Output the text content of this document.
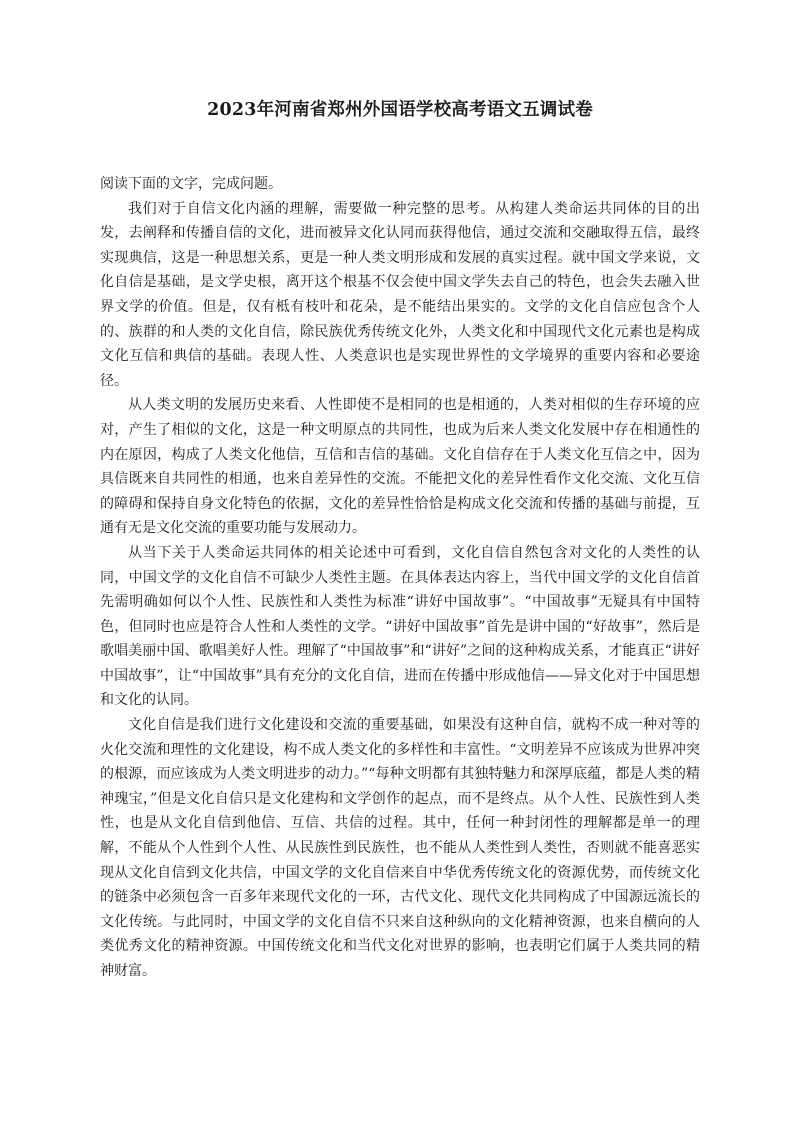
2023年河南省郑州外国语学校高考语文五调试卷

阅读下面的文字，完成问题。

我们对于自信文化内涵的理解，需要做一种完整的思考。从构建人类命运共同体的目的出发，去阐释和传播自信的文化，进而被异文化认同而获得他信，通过交流和交融取得五信，最终实现典信，这是一种思想关系，更是一种人类文明形成和发展的真实过程。就中国文学来说，文化自信是基础，是文学史根，离开这个根基不仅会使中国文学失去自己的特色，也会失去融入世界文学的价值。但是，仅有柢有枝叶和花朵，是不能结出果实的。文学的文化自信应包含个人的、族群的和人类的文化自信，除民族优秀传统文化外，人类文化和中国现代文化元素也是构成文化互信和典信的基础。表现人性、人类意识也是实现世界性的文学境界的重要内容和必要途径。

从人类文明的发展历史来看、人性即使不是相同的也是相通的，人类对相似的生存环境的应对，产生了相似的文化，这是一种文明原点的共同性，也成为后来人类文化发展中存在相通性的内在原因，构成了人类文化他信，互信和吉信的基础。文化自信存在于人类文化互信之中，因为具信既来自共同性的相通，也来自差异性的交流。不能把文化的差异性看作文化交流、文化互信的障碍和保持自身文化特色的依据，文化的差异性恰恰是构成文化交流和传播的基础与前提，互通有无是文化交流的重要功能与发展动力。

从当下关于人类命运共同体的相关论述中可看到，文化自信自然包含对文化的人类性的认同，中国文学的文化自信不可缺少人类性主题。在具体表达内容上，当代中国文学的文化自信首先需明确如何以个人性、民族性和人类性为标准“讲好中国故事”。“中国故事”无疑具有中国特色，但同时也应是符合人性和人类性的文学。“讲好中国故事”首先是讲中国的“好故事”，然后是歌唱美丽中国、歌唱美好人性。理解了“中国故事”和“讲好”之间的这种构成关系，才能真正“讲好中国故事”，让“中国故事”具有充分的文化自信，进而在传播中形成他信——异文化对于中国思想和文化的认同。

文化自信是我们进行文化建设和交流的重要基础，如果没有这种自信，就构不成一种对等的火化交流和理性的文化建设，构不成人类文化的多样性和丰富性。“文明差异不应该成为世界冲突的根源，而应该成为人类文明进步的动力。”“每种文明都有其独特魅力和深厚底蕴，都是人类的精神瑰宝，”但是文化自信只是文化建构和文学创作的起点，而不是终点。从个人性、民族性到人类性，也是从文化自信到他信、互信、共信的过程。其中，任何一种封闭性的理解都是单一的理解，不能从个人性到个人性、从民族性到民族性，也不能从人类性到人类性，否则就不能喜恶实现从文化自信到文化共信，中国文学的文化自信来自中华优秀传统文化的资源优势，而传统文化的链条中必须包含一百多年来现代文化的一环，古代文化、现代文化共同构成了中国源远流长的文化传统。与此同时，中国文学的文化自信不只来自这种纵向的文化精神资源，也来自横向的人类优秀文化的精神资源。中国传统文化和当代文化对世界的影响，也表明它们属于人类共同的精神财富。
